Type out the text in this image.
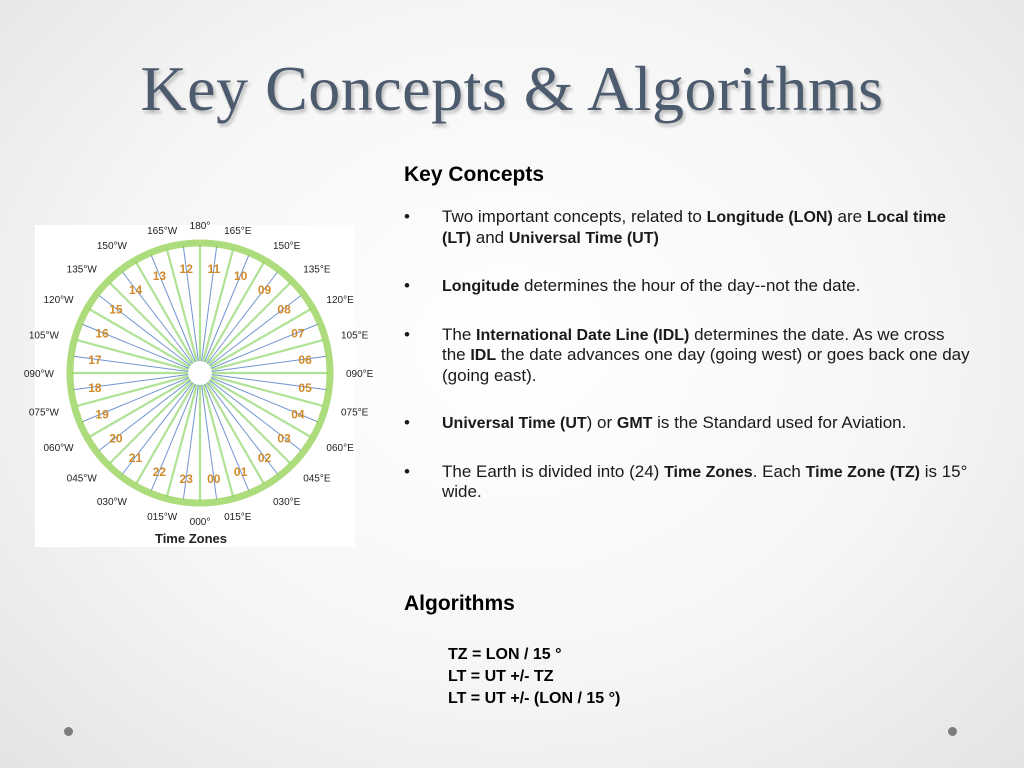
Key Concepts & Algorithms
00
01
02
03
04
05
06
07
08
09
10
11
12
13
14
15
16
17
18
19
20
21
22
23
000° 015°E
030°E
045°E
060°E
075°E
090°E
105°E
120°E
135°E
150°E
165°E
180°
165°W
150°W
135°W
120°W
105°W
090°W
075°W
060°W
045°W
030°W
015°W
Time Zones
Key Concepts
• Two important concepts, related to Longitude (LON) are Local time (LT) and Universal Time (UT)
• Longitude determines the hour of the day--not the date.
• The International Date Line (IDL) determines the date. As we cross the IDL the date advances one day (going west) or goes back one day (going east).
• Universal Time (UT) or GMT is the Standard used for Aviation.
• The Earth is divided into (24) Time Zones. Each Time Zone (TZ) is 15° wide.
Algorithms
TZ = LON / 15 °
LT = UT +/- TZ
LT = UT +/- (LON / 15 °)
